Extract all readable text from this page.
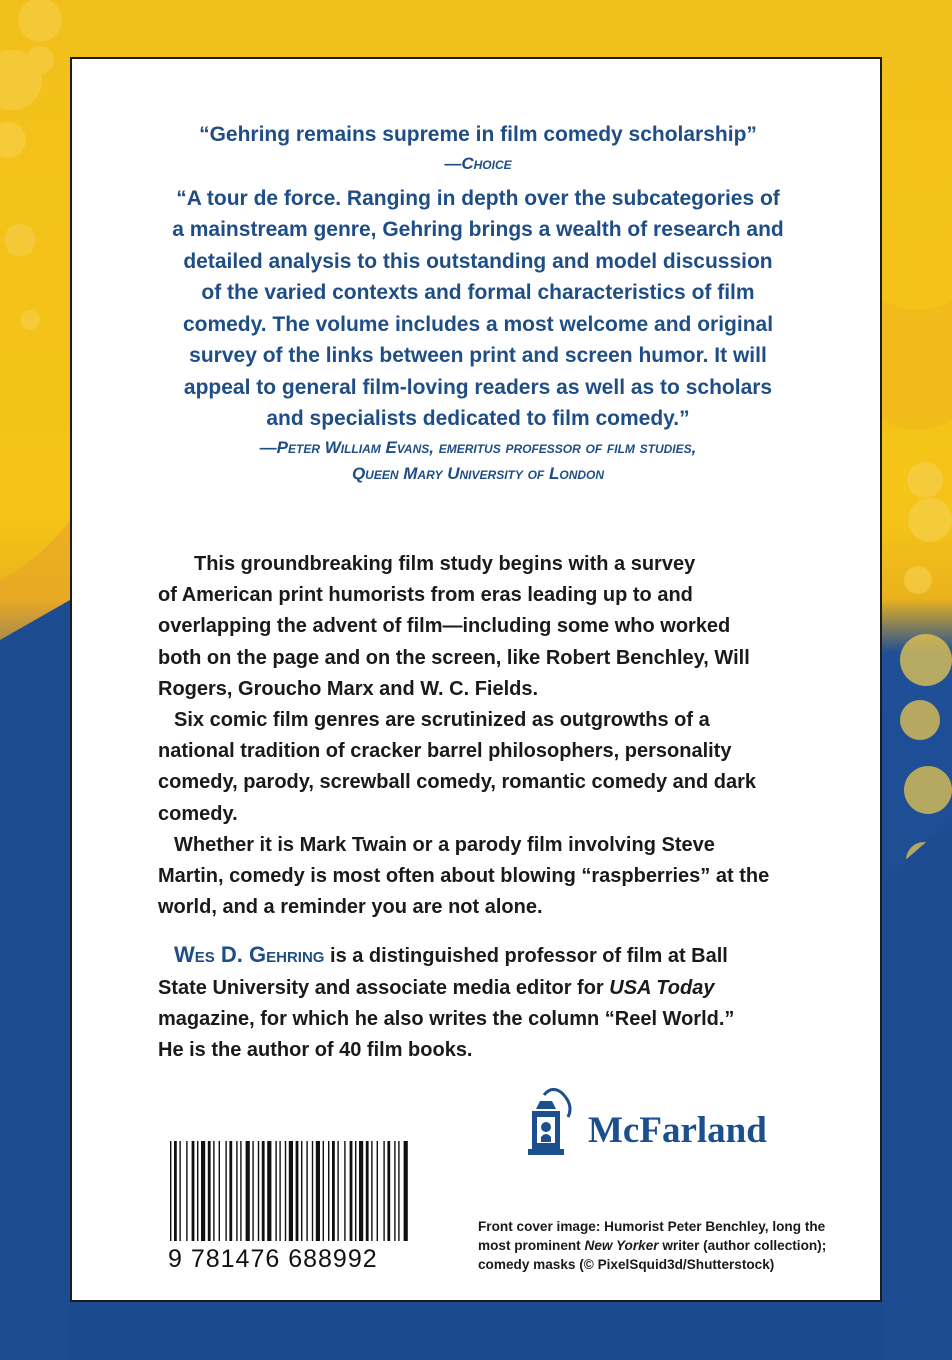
“Gehring remains supreme in film comedy scholarship”

—Choice

“A tour de force. Ranging in depth over the subcategories of

a mainstream genre, Gehring brings a wealth of research and

detailed analysis to this outstanding and model discussion

of the varied contexts and formal characteristics of film

comedy. The volume includes a most welcome and original

survey of the links between print and screen humor. It will

appeal to general film-loving readers as well as to scholars

and specialists dedicated to film comedy.”

—Peter William Evans, emeritus professor of film studies,

Queen Mary University of London

This groundbreaking film study begins with a survey

of American print humorists from eras leading up to and

overlapping the advent of film—including some who worked

both on the page and on the screen, like Robert Benchley, Will

Rogers, Groucho Marx and W. C. Fields.

Six comic film genres are scrutinized as outgrowths of a

national tradition of cracker barrel philosophers, personality

comedy, parody, screwball comedy, romantic comedy and dark

comedy.

Whether it is Mark Twain or a parody film involving Steve

Martin, comedy is most often about blowing “raspberries” at the

world, and a reminder you are not alone.

Wes D. Gehring is a distinguished professor of film at Ball

State University and associate media editor for USA Today

magazine, for which he also writes the column “Reel World.”

He is the author of 40 film books.

McFarland
9 781476 688992
Front cover image: Humorist Peter Benchley, long the
most prominent New Yorker writer (author collection);
comedy masks (© PixelSquid3d/Shutterstock)
